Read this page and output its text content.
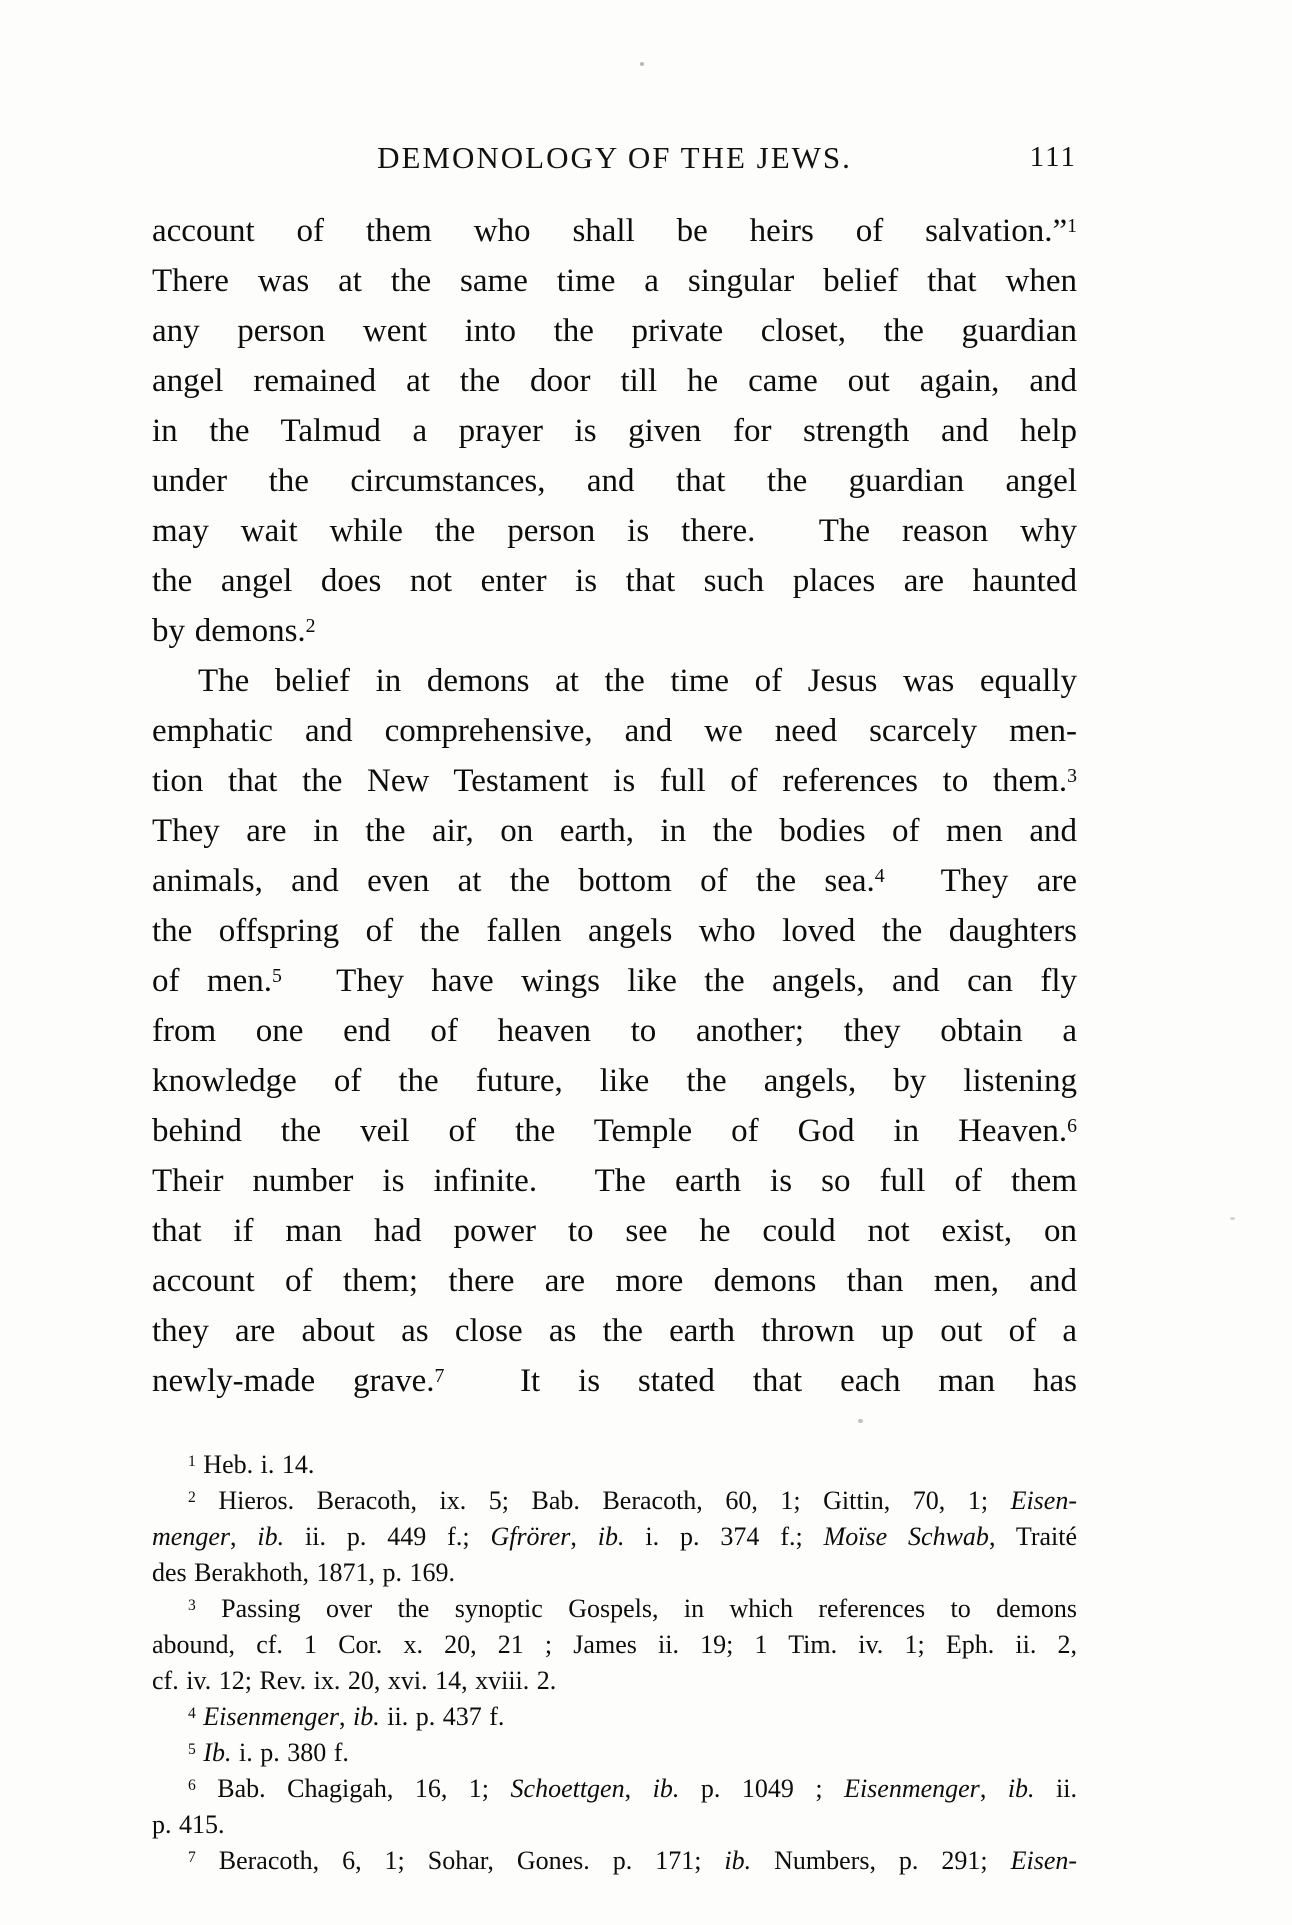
DEMONOLOGY OF THE JEWS.	111
account of them who shall be heirs of salvation.”$^1$
There was at the same time a singular belief that when
any person went into the private closet, the guardian
angel remained at the door till he came out again, and
in the Talmud a prayer is given for strength and help
under the circumstances, and that the guardian angel
may wait while the person is there.  The reason why
the angel does not enter is that such places are haunted
by demons.$^2$
The belief in demons at the time of Jesus was equally
emphatic and comprehensive, and we need scarcely men-
tion that the New Testament is full of references to them.$^3$
They are in the air, on earth, in the bodies of men and
animals, and even at the bottom of the sea.$^4$  They are
the offspring of the fallen angels who loved the daughters
of men.$^5$  They have wings like the angels, and can fly
from one end of heaven to another; they obtain a
knowledge of the future, like the angels, by listening
behind the veil of the Temple of God in Heaven.$^6$
Their number is infinite.  The earth is so full of them
that if man had power to see he could not exist, on
account of them; there are more demons than men, and
they are about as close as the earth thrown up out of a
newly-made grave.$^7$  It is stated that each man has
$^1$ Heb. i. 14.
$^2$ Hieros. Beracoth, ix. 5; Bab. Beracoth, 60, 1; Gittin, 70, 1; Eisen-
menger, ib. ii. p. 449 f.; Gfrörer, ib. i. p. 374 f.; Moïse Schwab, Traité
des Berakhoth, 1871, p. 169.
$^3$ Passing over the synoptic Gospels, in which references to demons
abound, cf. 1 Cor. x. 20, 21 ; James ii. 19; 1 Tim. iv. 1; Eph. ii. 2,
cf. iv. 12; Rev. ix. 20, xvi. 14, xviii. 2.
$^4$ Eisenmenger, ib. ii. p. 437 f.
$^5$ Ib. i. p. 380 f.
$^6$ Bab. Chagigah, 16, 1; Schoettgen, ib. p. 1049 ; Eisenmenger, ib. ii.
p. 415.
$^7$ Beracoth, 6, 1; Sohar, Gones. p. 171; ib. Numbers, p. 291; Eisen-
